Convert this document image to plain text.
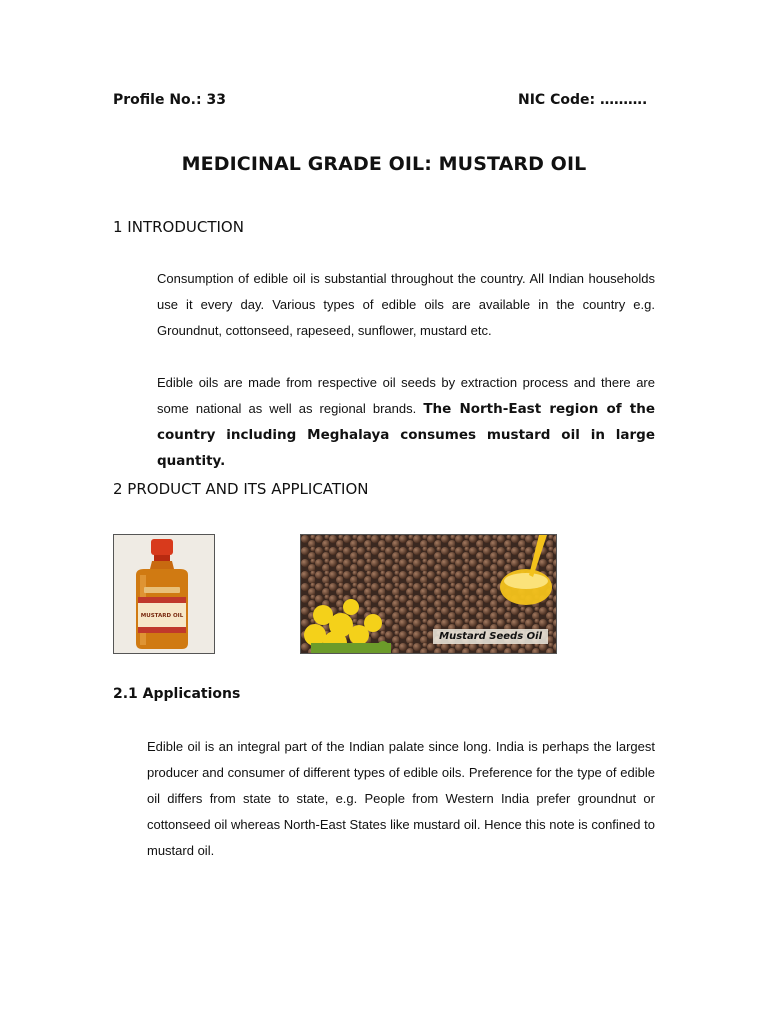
Profile No.: 33	NIC Code: ……….
MEDICINAL GRADE OIL: MUSTARD OIL
1 INTRODUCTION
Consumption of edible oil is substantial throughout the country. All Indian households use it every day. Various types of edible oils are available in the country e.g. Groundnut, cottonseed, rapeseed, sunflower, mustard etc.
Edible oils are made from respective oil seeds by extraction process and there are some national as well as regional brands. The North-East region of the country including Meghalaya consumes mustard oil in large quantity.
2 PRODUCT AND ITS APPLICATION
MUSTARD OIL
Mustard Seeds Oil
2.1 Applications
Edible oil is an integral part of the Indian palate since long. India is perhaps the largest producer and consumer of different types of edible oils. Preference for the type of edible oil differs from state to state, e.g. People from Western India prefer groundnut or cottonseed oil whereas North-East States like mustard oil. Hence this note is confined to mustard oil.
